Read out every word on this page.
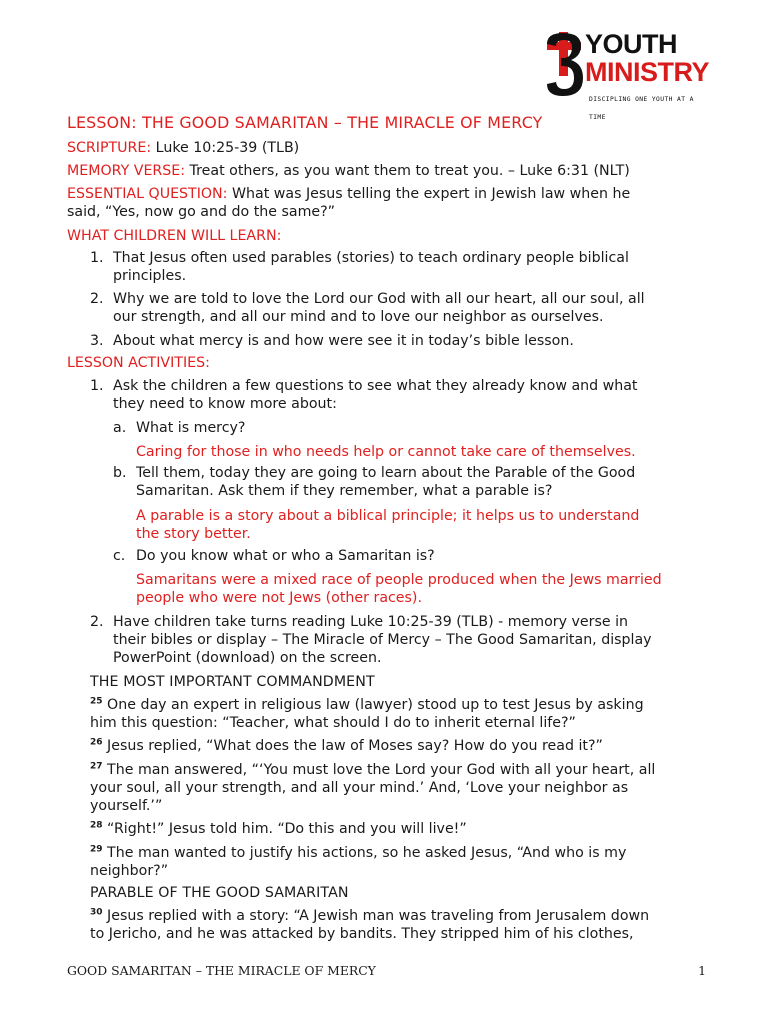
YOUTH
MINISTRY
DISCIPLING ONE YOUTH AT A TIME
LESSON: THE GOOD SAMARITAN – THE MIRACLE OF MERCY
SCRIPTURE: Luke 10:25-39 (TLB)
MEMORY VERSE: Treat others, as you want them to treat you. – Luke 6:31 (NLT)
ESSENTIAL QUESTION: What was Jesus telling the expert in Jewish law when he
said, “Yes, now go and do the same?”
WHAT CHILDREN WILL LEARN:
1. That Jesus often used parables (stories) to teach ordinary people biblical
principles.
2. Why we are told to love the Lord our God with all our heart, all our soul, all
our strength, and all our mind and to love our neighbor as ourselves.
3. About what mercy is and how were see it in today’s bible lesson.
LESSON ACTIVITIES:
1. Ask the children a few questions to see what they already know and what
they need to know more about:
a. What is mercy?
Caring for those in who needs help or cannot take care of themselves.
b. Tell them, today they are going to learn about the Parable of the Good
Samaritan. Ask them if they remember, what a parable is?
A parable is a story about a biblical principle; it helps us to understand
the story better.
c. Do you know what or who a Samaritan is?
Samaritans were a mixed race of people produced when the Jews married
people who were not Jews (other races).
2. Have children take turns reading Luke 10:25-39 (TLB) - memory verse in
their bibles or display – The Miracle of Mercy – The Good Samaritan, display
PowerPoint (download) on the screen.
THE MOST IMPORTANT COMMANDMENT
$^{25}$ One day an expert in religious law (lawyer) stood up to test Jesus by asking
him this question: “Teacher, what should I do to inherit eternal life?”
$^{26}$ Jesus replied, “What does the law of Moses say? How do you read it?”
$^{27}$ The man answered, “‘You must love the Lord your God with all your heart, all
your soul, all your strength, and all your mind.’ And, ‘Love your neighbor as
yourself.’”
$^{28}$ “Right!” Jesus told him. “Do this and you will live!”
$^{29}$ The man wanted to justify his actions, so he asked Jesus, “And who is my
neighbor?”
PARABLE OF THE GOOD SAMARITAN
$^{30}$ Jesus replied with a story: “A Jewish man was traveling from Jerusalem down
to Jericho, and he was attacked by bandits. They stripped him of his clothes,
GOOD SAMARITAN – THE MIRACLE OF MERCY	1
